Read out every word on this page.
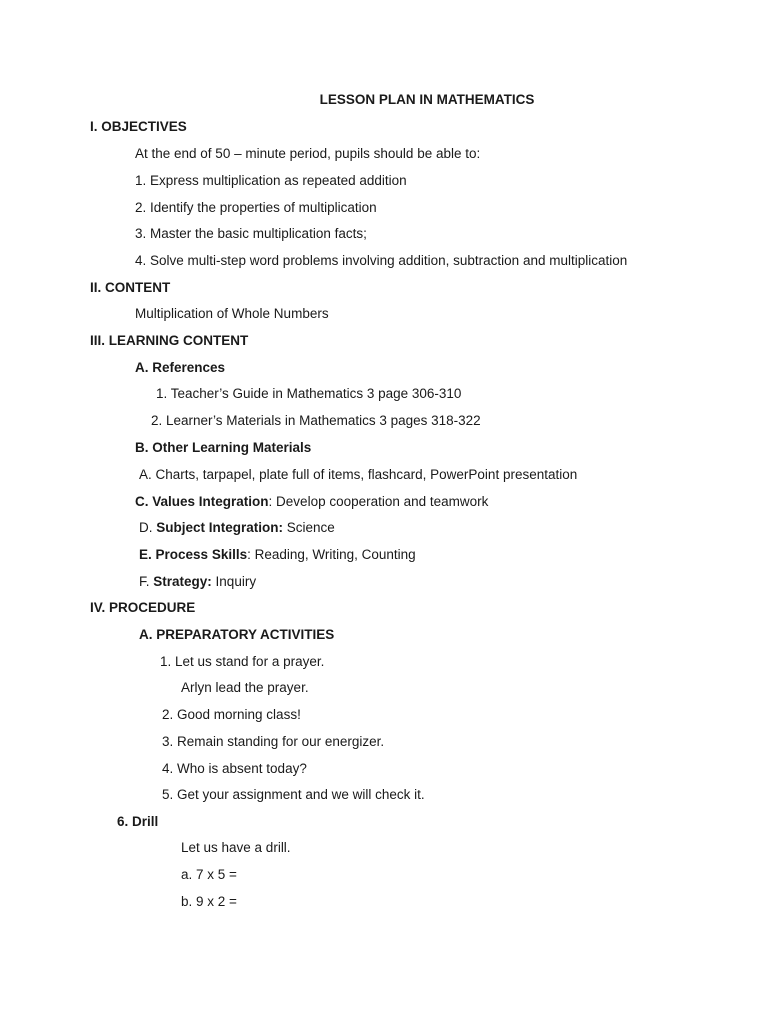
LESSON PLAN IN MATHEMATICS
I. OBJECTIVES
At the end of 50 – minute period, pupils should be able to:
1. Express multiplication as repeated addition
2. Identify the properties of multiplication
3. Master the basic multiplication facts;
4. Solve multi-step word problems involving addition, subtraction and multiplication
II. CONTENT
Multiplication of Whole Numbers
III. LEARNING CONTENT
A. References
1. Teacher’s Guide in Mathematics 3 page 306-310
2. Learner’s Materials in Mathematics 3 pages 318-322
B. Other Learning Materials
A. Charts, tarpapel, plate full of items, flashcard, PowerPoint presentation
C. Values Integration: Develop cooperation and teamwork
D. Subject Integration: Science
E. Process Skills: Reading, Writing, Counting
F. Strategy: Inquiry
IV. PROCEDURE
A. PREPARATORY ACTIVITIES
1. Let us stand for a prayer.
Arlyn lead the prayer.
2. Good morning class!
3. Remain standing for our energizer.
4. Who is absent today?
5. Get your assignment and we will check it.
6. Drill
Let us have a drill.
a. 7 x 5 =
b. 9 x 2 =
